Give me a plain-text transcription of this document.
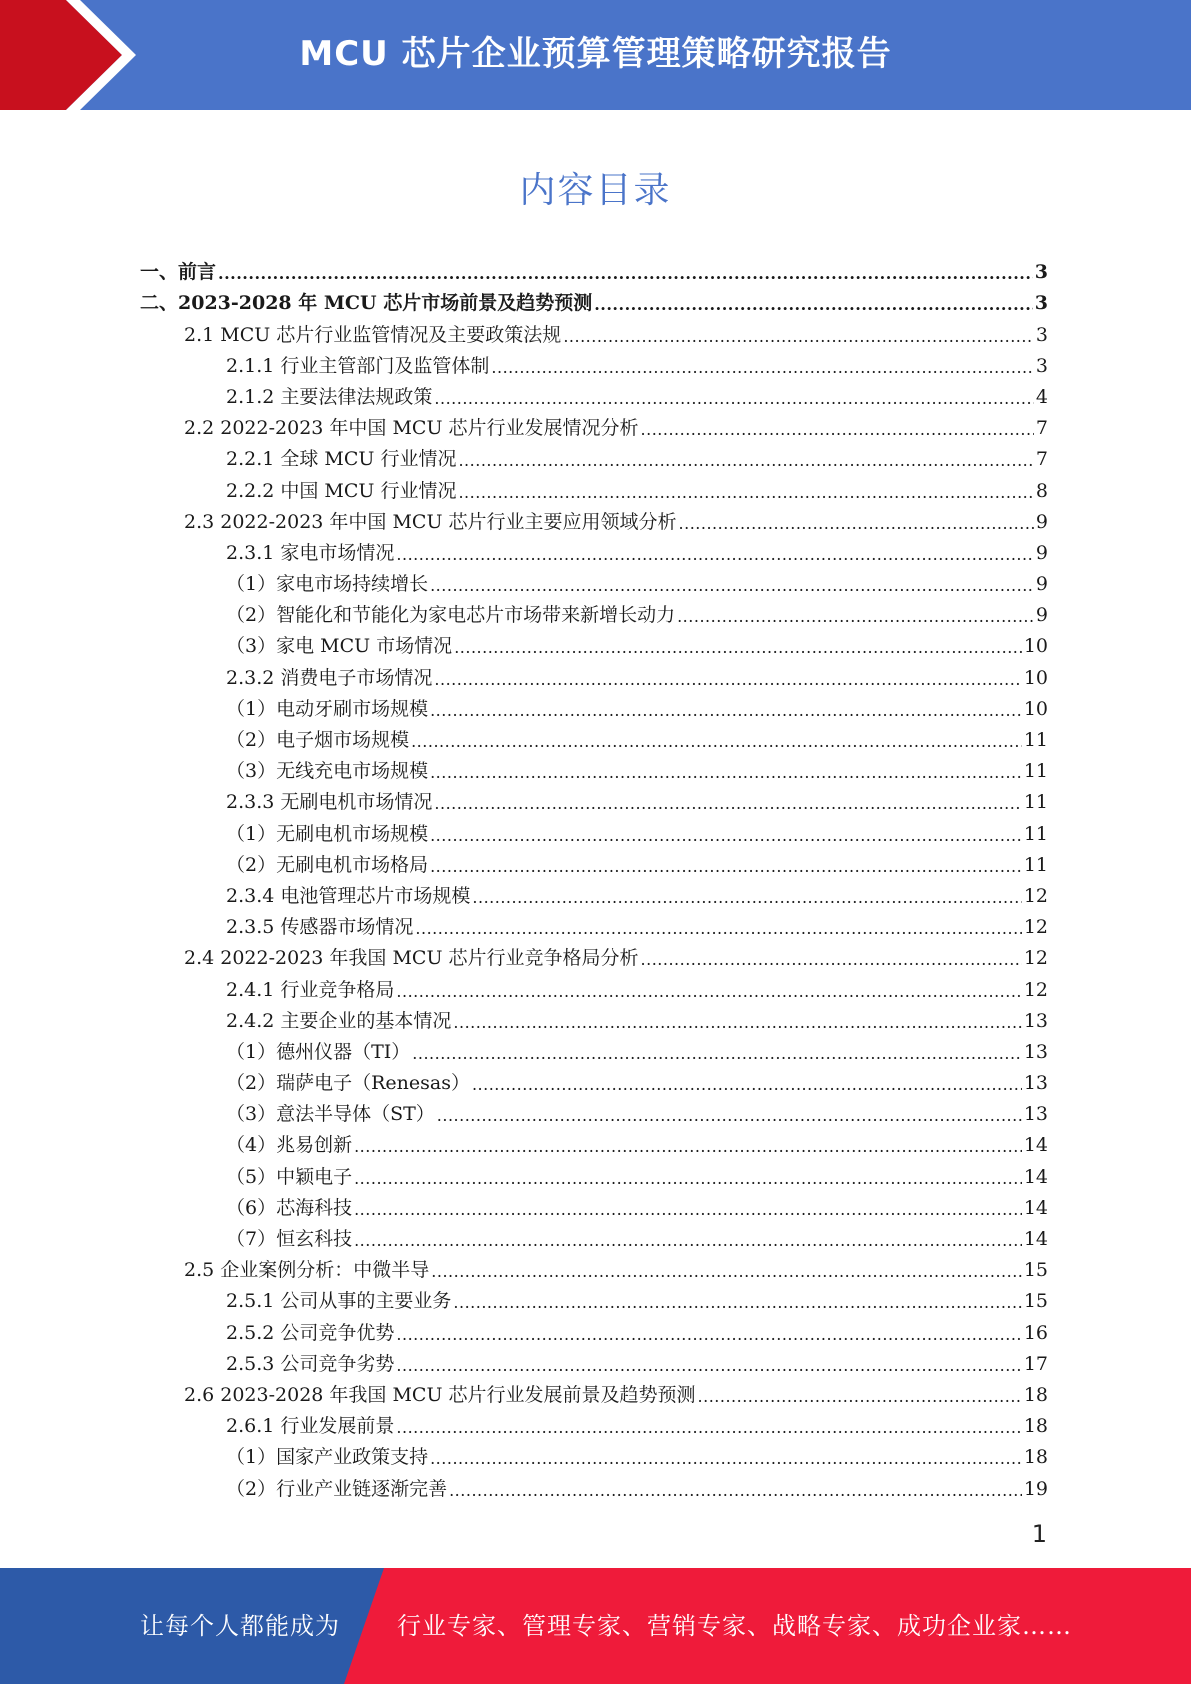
MCU 芯片企业预算管理策略研究报告
内容目录
一、前言 .....	3
二、2023-2028 年 MCU 芯片市场前景及趋势预测 .....	3
2.1 MCU 芯片行业监管情况及主要政策法规 .....	3
2.1.1 行业主管部门及监管体制 .....	3
2.1.2 主要法律法规政策 .....	4
2.2 2022-2023 年中国 MCU 芯片行业发展情况分析 .....	7
2.2.1 全球 MCU 行业情况 .....	7
2.2.2 中国 MCU 行业情况 .....	8
2.3 2022-2023 年中国 MCU 芯片行业主要应用领域分析 .....	9
2.3.1 家电市场情况 .....	9
（1）家电市场持续增长 .....	9
（2）智能化和节能化为家电芯片市场带来新增长动力 .....	9
（3）家电 MCU 市场情况 .....	10
2.3.2 消费电子市场情况 .....	10
（1）电动牙刷市场规模 .....	10
（2）电子烟市场规模 .....	11
（3）无线充电市场规模 .....	11
2.3.3 无刷电机市场情况 .....	11
（1）无刷电机市场规模 .....	11
（2）无刷电机市场格局 .....	11
2.3.4 电池管理芯片市场规模 .....	12
2.3.5 传感器市场情况 .....	12
2.4 2022-2023 年我国 MCU 芯片行业竞争格局分析 .....	12
2.4.1 行业竞争格局 .....	12
2.4.2 主要企业的基本情况 .....	13
（1）德州仪器（TI） .....	13
（2）瑞萨电子（Renesas） .....	13
（3）意法半导体（ST） .....	13
（4）兆易创新 .....	14
（5）中颖电子 .....	14
（6）芯海科技 .....	14
（7）恒玄科技 .....	14
2.5 企业案例分析：中微半导 .....	15
2.5.1 公司从事的主要业务 .....	15
2.5.2 公司竞争优势 .....	16
2.5.3 公司竞争劣势 .....	17
2.6 2023-2028 年我国 MCU 芯片行业发展前景及趋势预测 .....	18
2.6.1 行业发展前景 .....	18
（1）国家产业政策支持 .....	18
（2）行业产业链逐渐完善 .....	19
1
让每个人都能成为 行业专家、管理专家、营销专家、战略专家、成功企业家……
